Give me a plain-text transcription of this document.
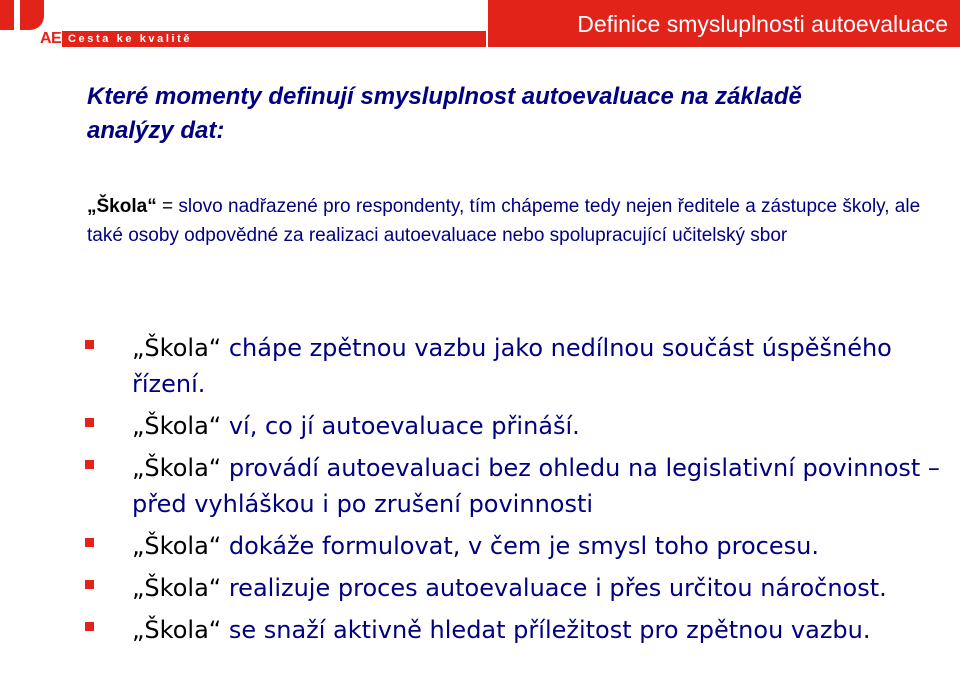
AE Cesta ke kvalitě
Definice smysluplnosti autoevaluace
Které momenty definují smysluplnost autoevaluace na základě analýzy dat:
„Škola“ = slovo nadřazené pro respondenty, tím chápeme tedy nejen ředitele a zástupce školy, ale také osoby odpovědné za realizaci autoevaluace nebo spolupracující učitelský sbor
„Škola“ chápe zpětnou vazbu jako nedílnou součást úspěšného řízení.
„Škola“ ví, co jí autoevaluace přináší.
„Škola“ provádí autoevaluaci bez ohledu na legislativní povinnost – před vyhláškou i po zrušení povinnosti
„Škola“ dokáže formulovat, v čem je smysl toho procesu.
„Škola“ realizuje proces autoevaluace i přes určitou náročnost.
„Škola“ se snaží aktivně hledat příležitost pro zpětnou vazbu.
